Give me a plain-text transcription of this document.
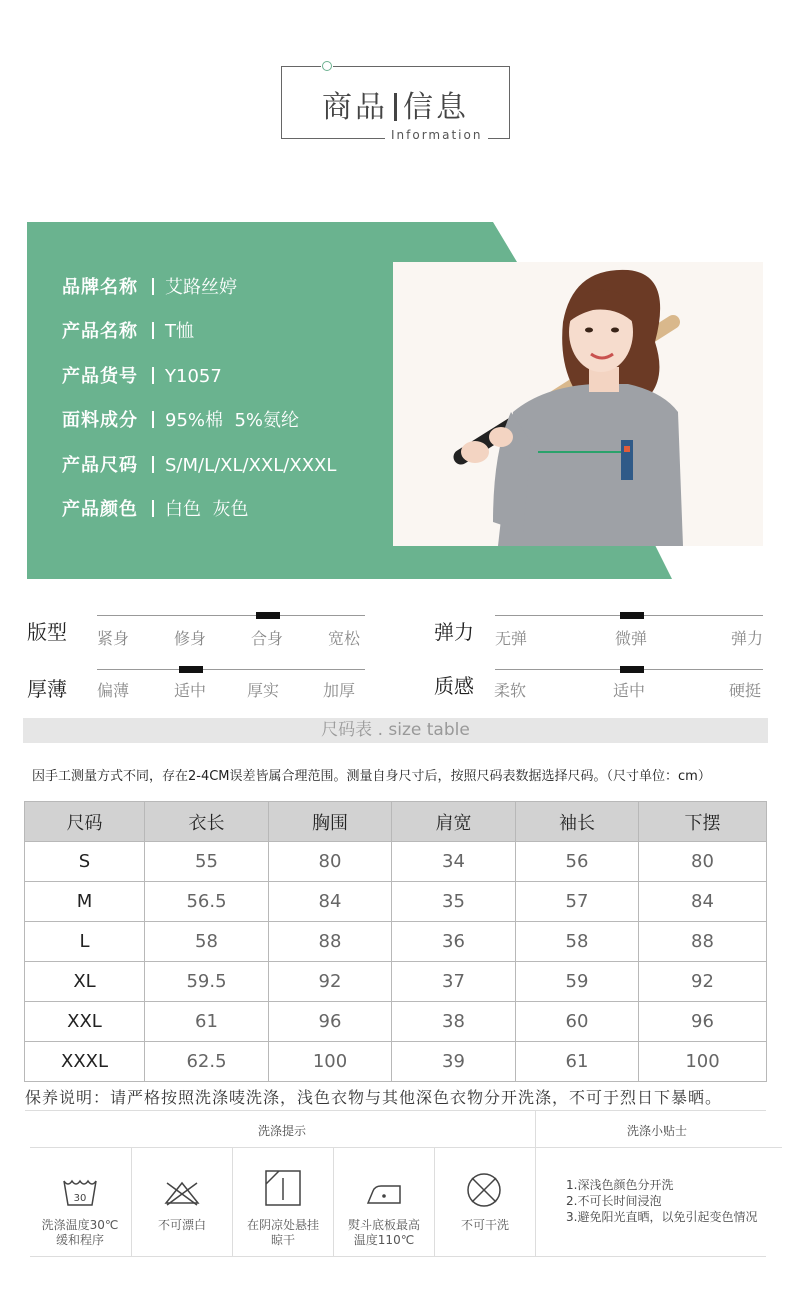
商品 信息
Information
品牌名称 艾路丝婷
产品名称 T恤
产品货号 Y1057
面料成分 95%棉  5%氨纶
产品尺码 S/M/L/XL/XXL/XXXL
产品颜色 白色  灰色
版型 紧身	修身	合身	宽松	弹力 无弹	微弹	弹力
厚薄 偏薄	适中	厚实	加厚	质感 柔软	适中	硬挺
尺码表 . size table
因手工测量方式不同，存在2-4CM误差皆属合理范围。测量自身尺寸后，按照尺码表数据选择尺码。（尺寸单位：cm）
尺码	衣长	胸围	肩宽	袖长	下摆
S	55	80	34	56	80
M	56.5	84	35	57	84
L	58	88	36	58	88
XL	59.5	92	37	59	92
XXL	61	96	38	60	96
XXXL	62.5	100	39	61	100
保养说明：请严格按照洗涤唛洗涤，浅色衣物与其他深色衣物分开洗涤，不可于烈日下暴晒。
洗涤提示	洗涤小贴士
30
洗涤温度30℃
缓和程序
不可漂白	在阴凉处悬挂
晾干
熨斗底板最高
温度110℃
不可干洗
1.深浅色颜色分开洗
2.不可长时间浸泡
3.避免阳光直晒，以免引起变色情况
